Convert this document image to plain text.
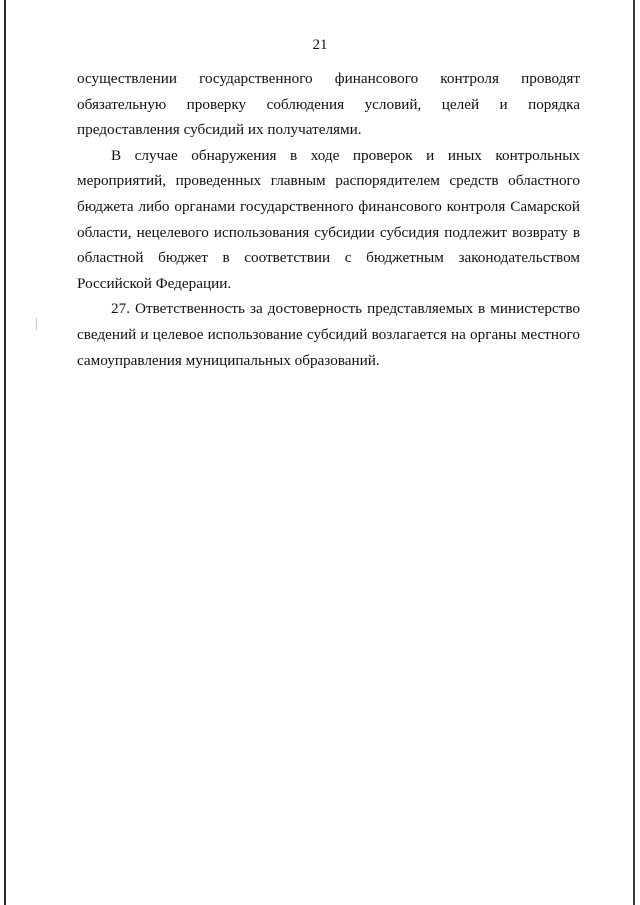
21

осуществлении государственного финансового контроля проводят обязательную проверку соблюдения условий, целей и порядка предоставления субсидий их получателями.

В случае обнаружения в ходе проверок и иных контрольных мероприятий, проведенных главным распорядителем средств областного бюджета либо органами государственного финансового контроля Самарской области, нецелевого использования субсидии субсидия подлежит возврату в областной бюджет в соответствии с бюджетным законодательством Российской Федерации.

27. Ответственность за достоверность представляемых в министерство сведений и целевое использование субсидий возлагается на органы местного самоуправления муниципальных образований.
